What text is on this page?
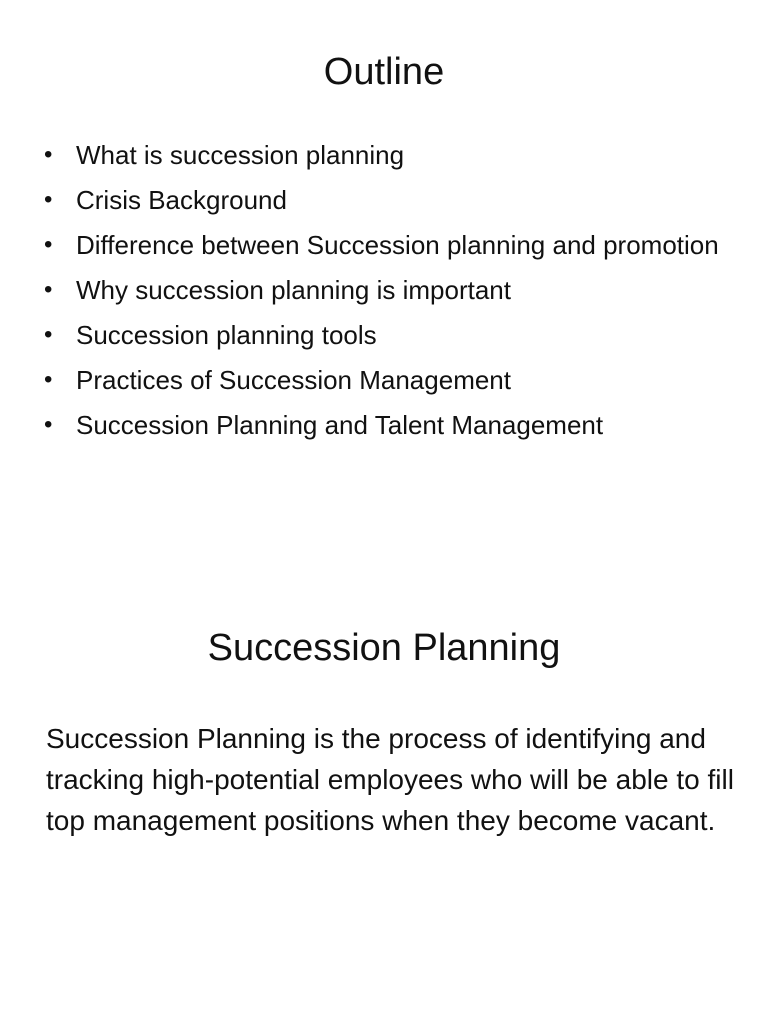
Outline
• What is succession planning
• Crisis Background
• Difference between Succession planning and promotion
• Why succession planning is important
• Succession planning tools
• Practices of Succession Management
• Succession Planning and Talent Management
Succession Planning

Succession Planning is the process of identifying and tracking high-potential employees who will be able to fill top management positions when they become vacant.
